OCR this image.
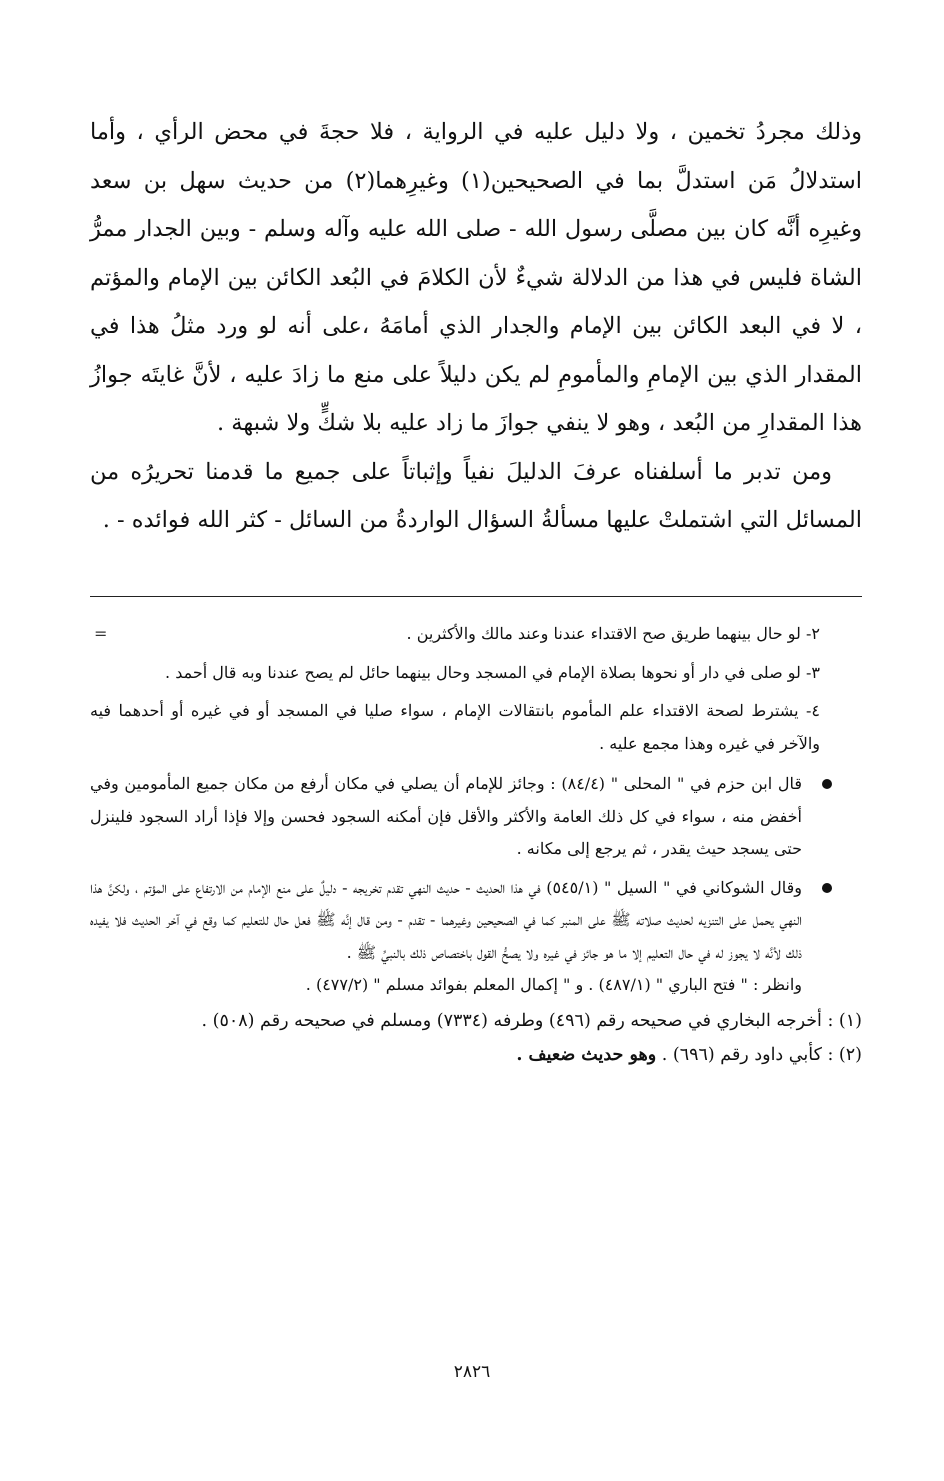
وذلك مجردُ تخمين ، ولا دليل عليه في الرواية ، فلا حجةَ في محض الرأي ، وأما استدلالُ مَن استدلَّ بما في الصحيحين(١) وغيرِهما(٢) من حديث سهل بن سعد وغيرِه أنَّه كان بين مصلَّى رسول الله - صلى الله عليه وآله وسلم - وبين الجدار ممرُّ الشاة فليس في هذا من الدلالة شيءٌ لأن الكلامَ في البُعد الكائن بين الإمام والمؤتم ، لا في البعد الكائن بين الإمام والجدار الذي أمامَهُ ،على أنه لو ورد مثلُ هذا في المقدار الذي بين الإمامِ والمأمومِ لم يكن دليلاً على منع ما زادَ عليه ، لأنَّ غايتَه جوازُ هذا المقدارِ من البُعد ، وهو لا ينفي جوازَ ما زاد عليه بلا شكٍّ ولا شبهة .

ومن تدبر ما أسلفناه عرفَ الدليلَ نفياً وإثباتاً على جميع ما قدمنا تحريرُه من المسائل التي اشتملتْ عليها مسألةُ السؤال الواردةُ من السائل - كثر الله فوائده - .

=	٢- لو حال بينهما طريق صح الاقتداء عندنا وعند مالك والأكثرين .

٣- لو صلى في دار أو نحوها بصلاة الإمام في المسجد وحال بينهما حائل لم يصح عندنا وبه قال أحمد .

٤- يشترط لصحة الاقتداء علم المأموم بانتقالات الإمام ، سواء صليا في المسجد أو في غيره أو أحدهما فيه والآخر في غيره وهذا مجمع عليه .

قال ابن حزم في " المحلى " (٨٤/٤) : وجائز للإمام أن يصلي في مكان أرفع من مكان جميع المأمومين وفي أخفض منه ، سواء في كل ذلك العامة والأكثر والأقل فإن أمكنه السجود فحسن وإلا فإذا أراد السجود فلينزل حتى يسجد حيث يقدر ، ثم يرجع إلى مكانه .

وقال الشوكاني في " السيل " (٥٤٥/١) في هذا الحديث - حديث النهي تقدم تخريجه - دليلٌ على منع الإمام من الارتفاع على المؤتم ، ولكنَّ هذا النهي يحمل على التنزيه لحديث صلاته ﷺ على المنبر كما في الصحيحين وغيرهما - تقدم - ومن قال إنَّه ﷺ فعل حال للتعليم كما وقع في آخر الحديث فلا يفيده ذلك لأنَّه لا يجوز له في حال التعليم إلا ما هو جائز في غيره ولا يصحُّ القول باختصاص ذلك بالنبيِّ ﷺ .

وانظر : " فتح الباري " (٤٨٧/١) . و " إكمال المعلم بفوائد مسلم " (٤٧٧/٢) .

(١) : أخرجه البخاري في صحيحه رقم (٤٩٦) وطرفه (٧٣٣٤) ومسلم في صحيحه رقم (٥٠٨) .

(٢) : كأبي داود رقم (٦٩٦) . وهو حديث ضعيف .

٢٨٢٦
